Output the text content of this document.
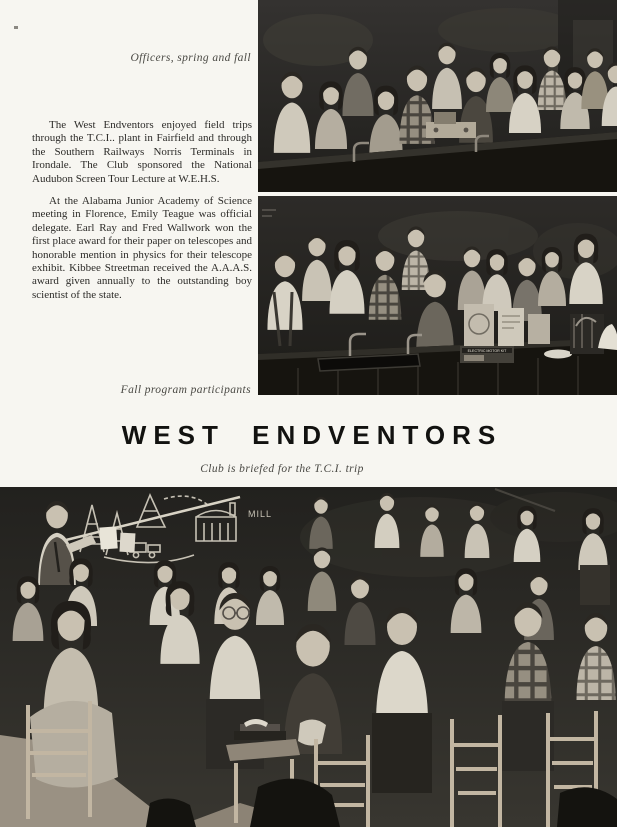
Officers, spring and fall

The West Endventors enjoyed field trips through the T.C.I.. plant in Fairfield and through the Southern Railways Norris Terminals in Irondale. The Club sponsored the National Audubon Screen Tour Lecture at W.E.H.S.

At the Alabama Junior Academy of Science meeting in Florence, Emily Teague was official delegate. Earl Ray and Fred Wallwork won the first place award for their paper on telescopes and honorable mention in physics for their telescope exhibit. Kibbee Streetman received the A.A.A.S. award given annually to the outstanding boy scientist of the state.

Fall program participants
ELECTRIC MOTOR KIT
WEST ENDVENTORS
Club is briefed for the T.C.I. trip
MILL
